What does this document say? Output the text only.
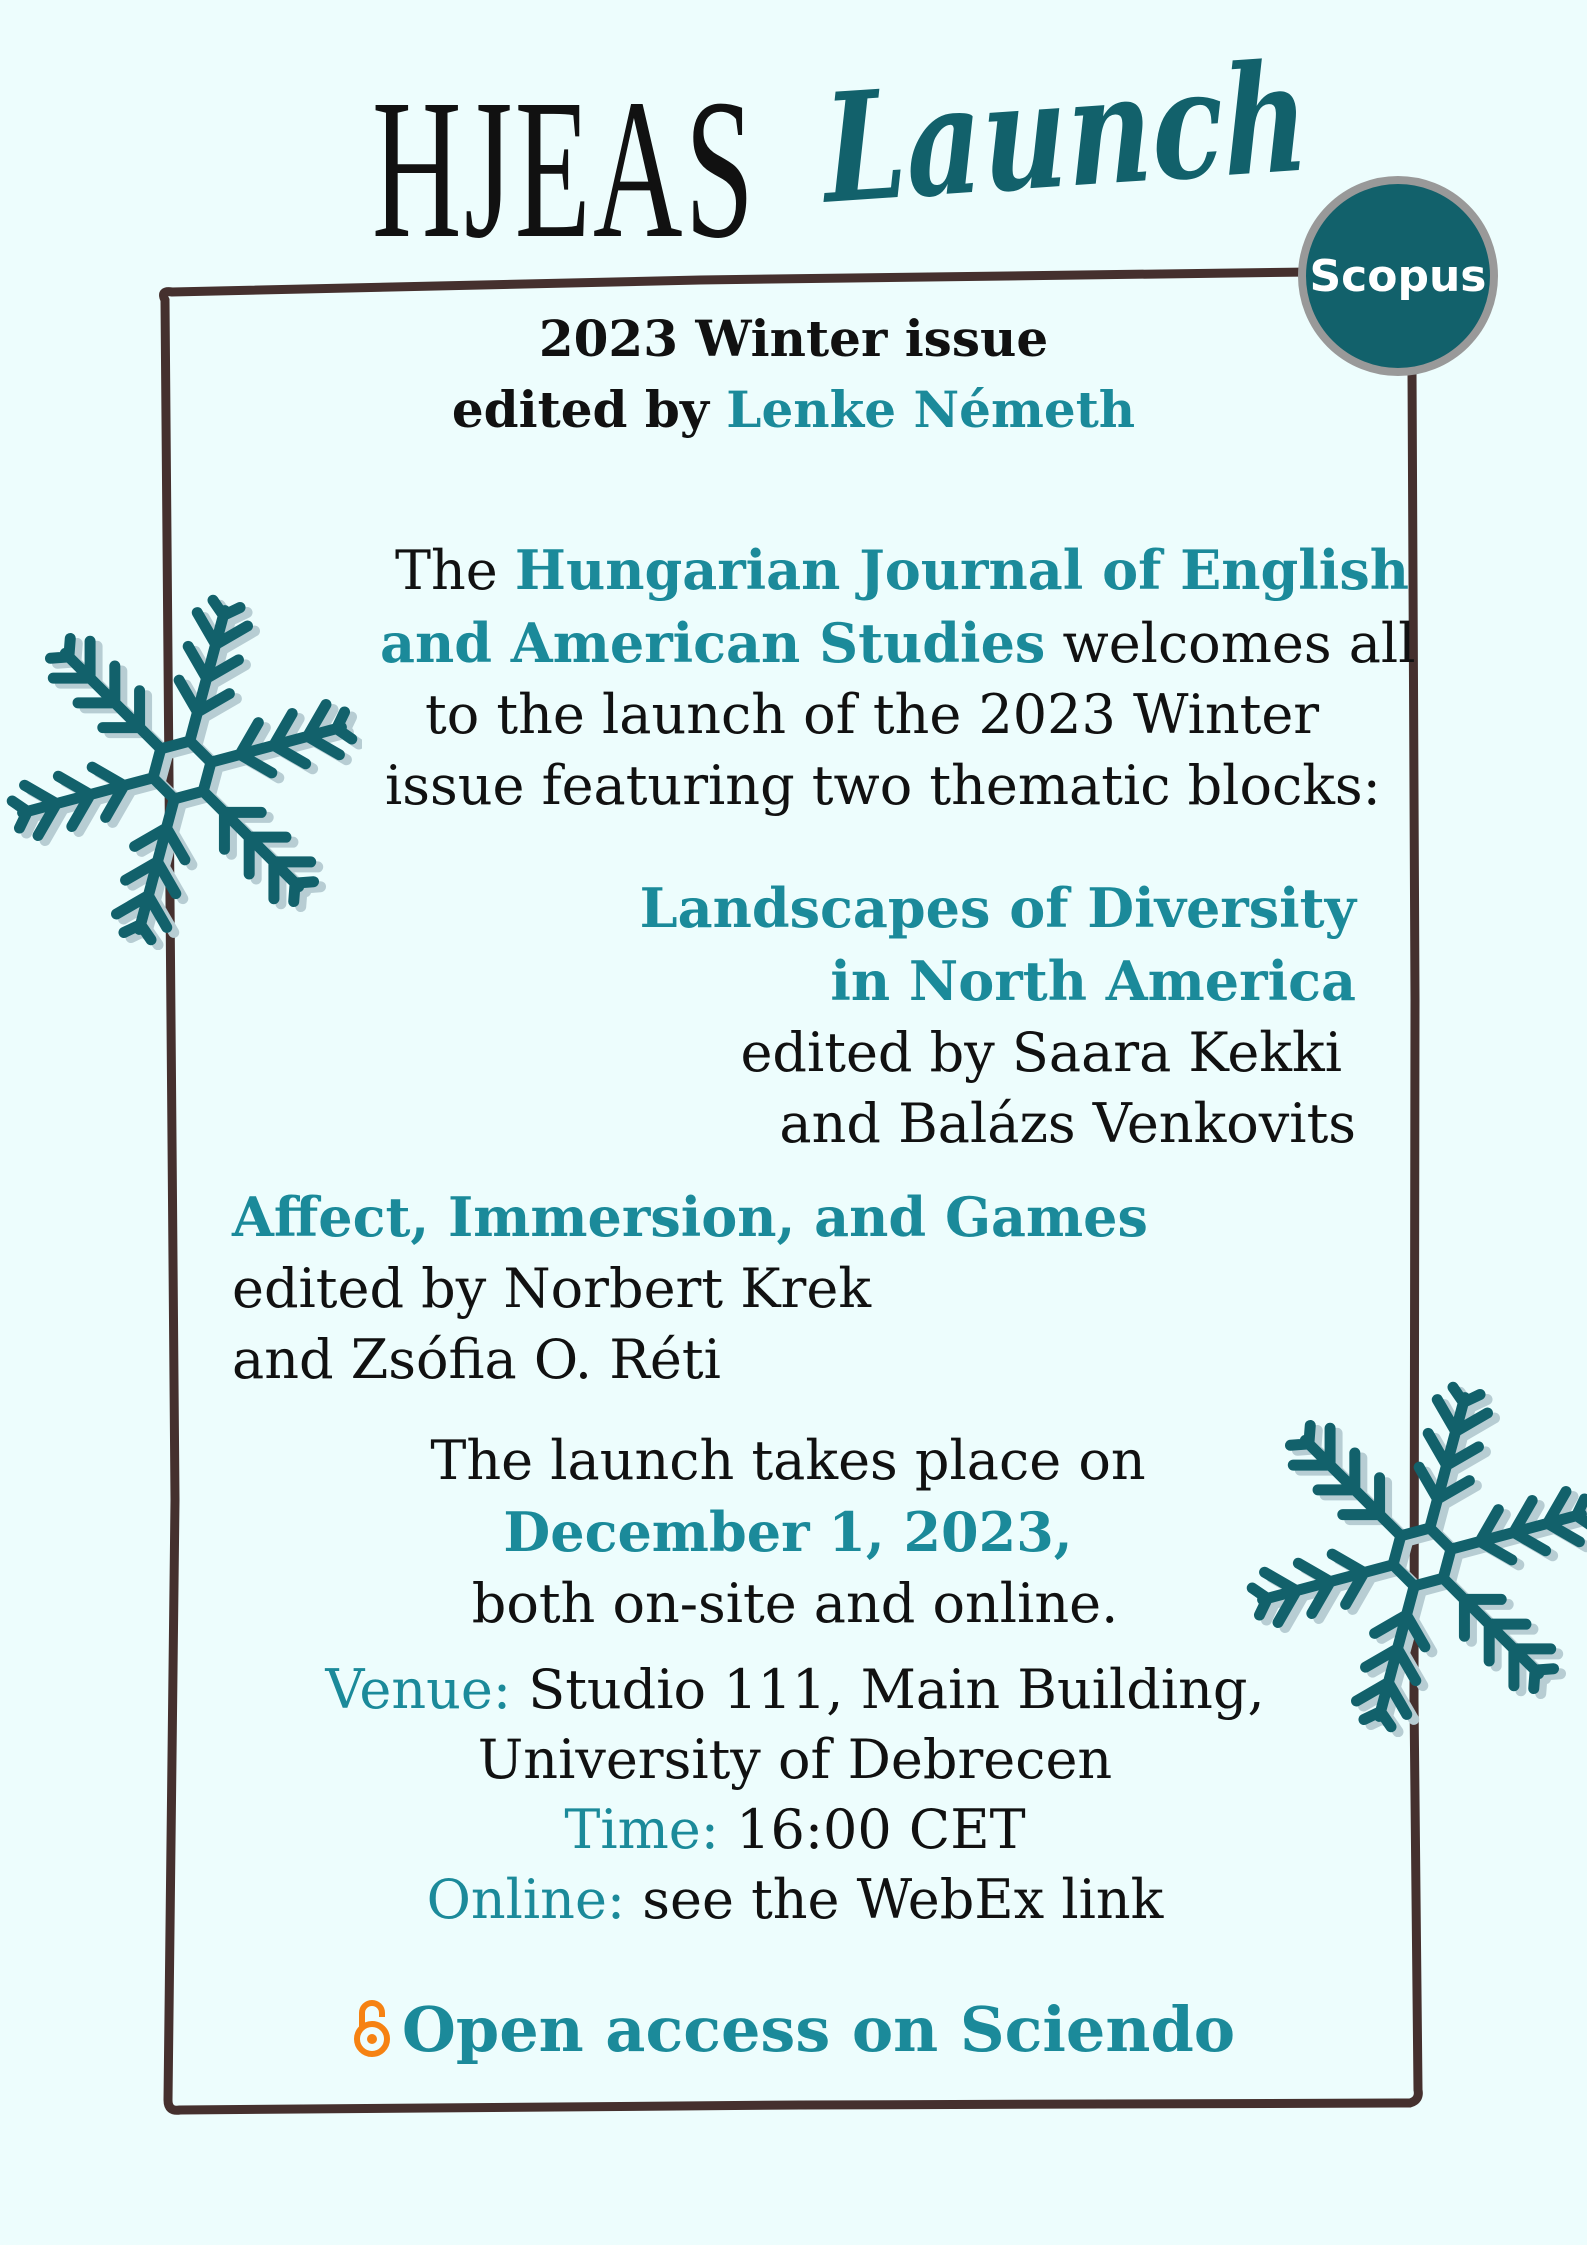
HJEAS Launch
Scopus
2023 Winter issue
edited by Lenke Németh
The Hungarian Journal of English
and American Studies welcomes all
to the launch of the 2023 Winter
issue featuring two thematic blocks:
Landscapes of Diversity
in North America
edited by Saara Kekki
and Balázs Venkovits
Affect, Immersion, and Games
edited by Norbert Krek
and Zsófia O. Réti
The launch takes place on
December 1, 2023,
both on-site and online.
Venue: Studio 111, Main Building,
University of Debrecen
Time: 16:00 CET
Online: see the WebEx link
Open access on Sciendo
